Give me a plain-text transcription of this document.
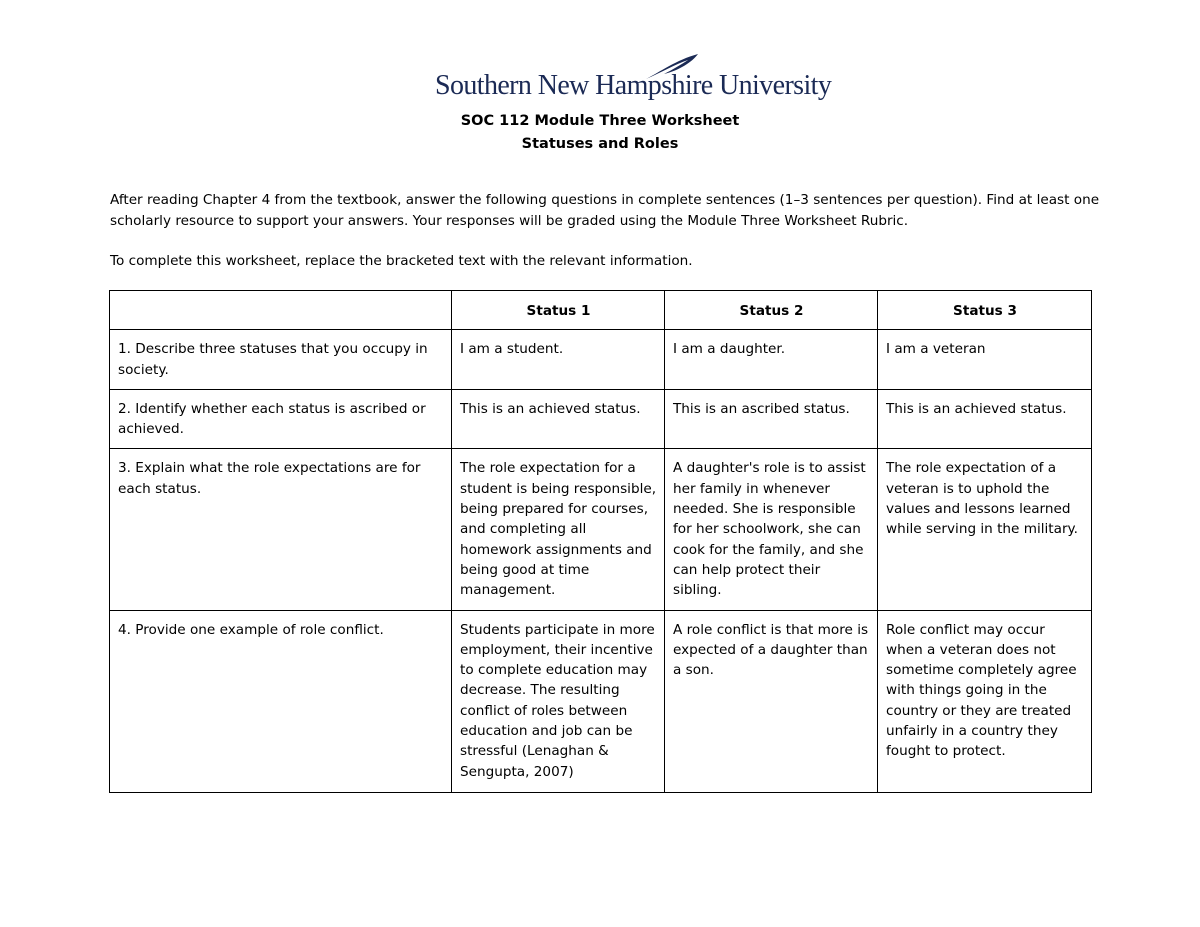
Southern New Hampshire University
SOC 112 Module Three Worksheet
Statuses and Roles

After reading Chapter 4 from the textbook, answer the following questions in complete sentences (1–3 sentences per question). Find at least one scholarly resource to support your answers. Your responses will be graded using the Module Three Worksheet Rubric.

To complete this worksheet, replace the bracketed text with the relevant information.

	Status 1	Status 2	Status 3
1. Describe three statuses that you occupy in society.	I am a student.	I am a daughter.	I am a veteran
2. Identify whether each status is ascribed or achieved.	This is an achieved status.	This is an ascribed status.	This is an achieved status.
3. Explain what the role expectations are for each status.	The role expectation for a student is being responsible, being prepared for courses, and completing all homework assignments and being good at time management.	A daughter's role is to assist her family in whenever needed. She is responsible for her schoolwork, she can cook for the family, and she can help protect their sibling.	The role expectation of a veteran is to uphold the values and lessons learned while serving in the military.
4. Provide one example of role conflict.	Students participate in more employment, their incentive to complete education may decrease. The resulting conflict of roles between education and job can be stressful (Lenaghan & Sengupta, 2007)	A role conflict is that more is expected of a daughter than a son.	Role conflict may occur when a veteran does not sometime completely agree with things going in the country or they are treated unfairly in a country they fought to protect.
